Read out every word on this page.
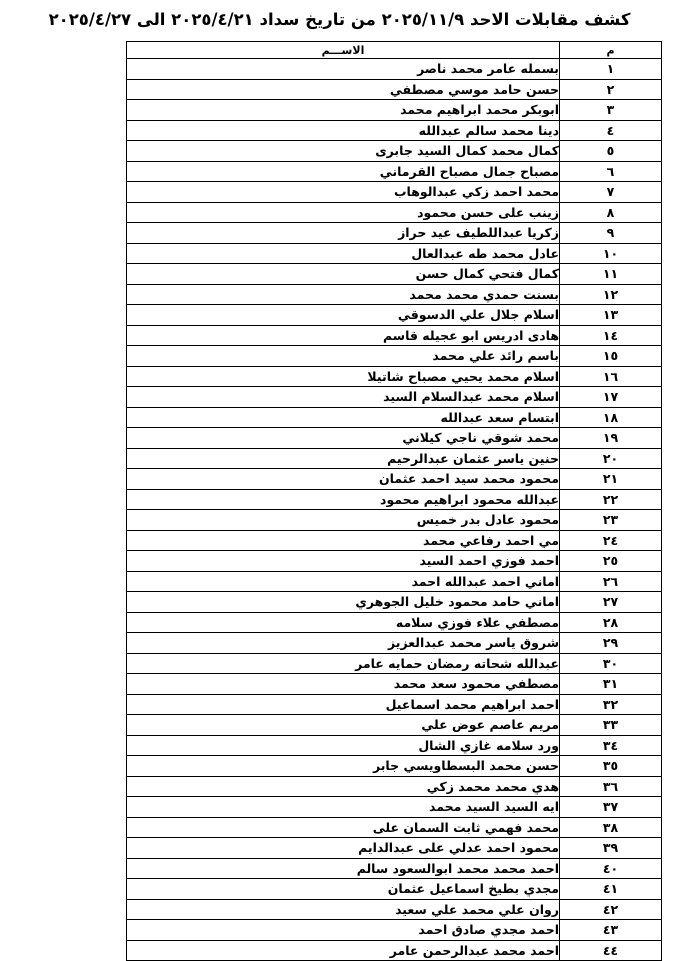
كشف مقابلات الاحد ٢٠٢٥/١١/٩ من تاريخ سداد ٢٠٢٥/٤/٢١ الى ٢٠٢٥/٤/٢٧
م	الاســـم
١	بسمله عامر محمد ناصر
٢	حسن حامد موسي مصطفي
٣	ابوبكر محمد ابراهيم محمد
٤	دينا محمد سالم عبدالله
٥	كمال محمد كمال السيد جابرى
٦	مصباح جمال مصباح القرماني
٧	محمد احمد زكي عبدالوهاب
٨	زينب على حسن محمود
٩	زكريا عبداللطيف عيد حراز
١٠	عادل محمد طه عبدالعال
١١	كمال فتحي كمال حسن
١٢	بسنت حمدي محمد محمد
١٣	اسلام جلال علي الدسوقي
١٤	هادى ادريس ابو عجيله قاسم
١٥	باسم رائد علي محمد
١٦	اسلام محمد يحيي مصباح شاتيلا
١٧	اسلام محمد عبدالسلام السيد
١٨	ابتسام سعد عبدالله
١٩	محمد شوقي ناجي كيلاني
٢٠	حنين ياسر عثمان عبدالرحيم
٢١	محمود محمد سيد احمد عثمان
٢٢	عبدالله محمود ابراهيم محمود
٢٣	محمود عادل بدر خميس
٢٤	مي احمد رفاعي محمد
٢٥	احمد فوزي احمد السيد
٢٦	اماني احمد عبدالله احمد
٢٧	اماني حامد محمود خليل الجوهري
٢٨	مصطفي علاء فوزي سلامه
٢٩	شروق ياسر محمد عبدالعزيز
٣٠	عبدالله شحاته رمضان حمايه عامر
٣١	مصطفي محمود سعد محمد
٣٢	احمد ابراهيم محمد اسماعيل
٣٣	مريم عاصم عوض علي
٣٤	ورد سلامه غازي الشال
٣٥	حسن محمد البسطاويسي جابر
٣٦	هدي محمد محمد زكي
٣٧	ايه السيد السيد محمد
٣٨	محمد فهمي ثابت السمان على
٣٩	محمود احمد عدلي على عبدالدايم
٤٠	احمد محمد محمد ابوالسعود سالم
٤١	مجدي بطيخ اسماعيل عثمان
٤٢	روان علي محمد علي سعيد
٤٣	احمد مجدي صادق احمد
٤٤	احمد محمد عبدالرحمن عامر
